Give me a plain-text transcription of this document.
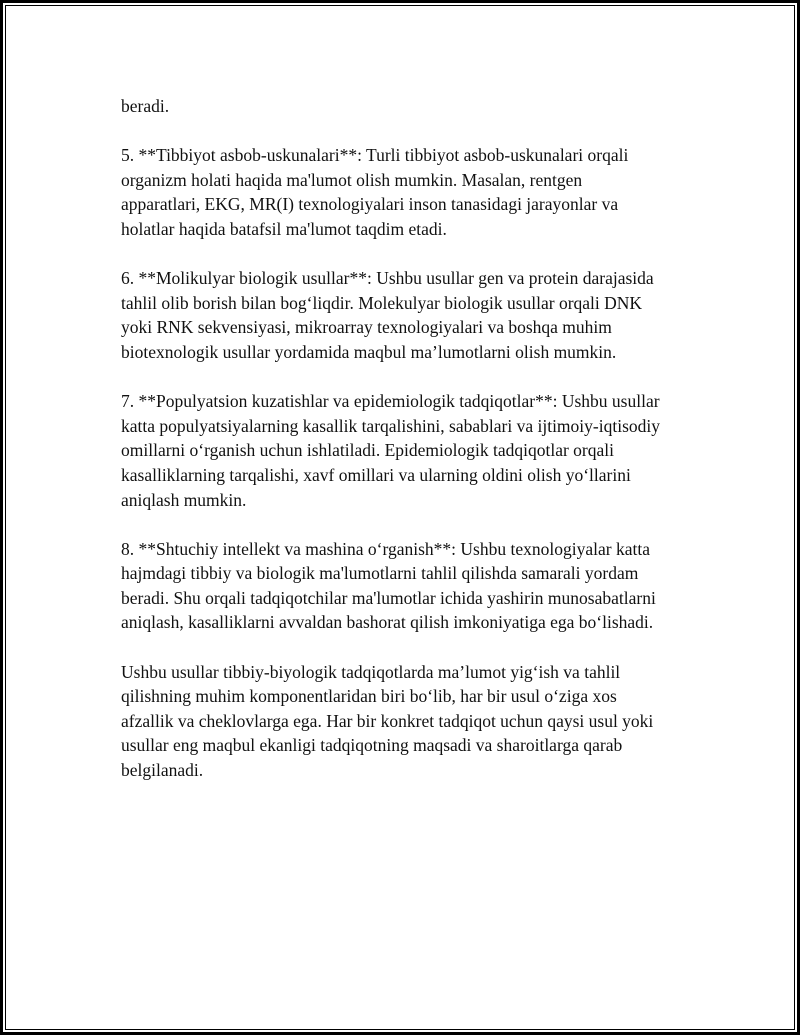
beradi.

5. **Tibbiyot asbob-uskunalari**: Turli tibbiyot asbob-uskunalari orqali
organizm holati haqida ma'lumot olish mumkin. Masalan, rentgen
apparatlari, EKG, MR(I) texnologiyalari inson tanasidagi jarayonlar va
holatlar haqida batafsil ma'lumot taqdim etadi.

6. **Molikulyar biologik usullar**: Ushbu usullar gen va protein darajasida
tahlil olib borish bilan bog‘liqdir. Molekulyar biologik usullar orqali DNK
yoki RNK sekvensiyasi, mikroarray texnologiyalari va boshqa muhim
biotexnologik usullar yordamida maqbul ma’lumotlarni olish mumkin.

7. **Populyatsion kuzatishlar va epidemiologik tadqiqotlar**: Ushbu usullar
katta populyatsiyalarning kasallik tarqalishini, sabablari va ijtimoiy-iqtisodiy
omillarni o‘rganish uchun ishlatiladi. Epidemiologik tadqiqotlar orqali
kasalliklarning tarqalishi, xavf omillari va ularning oldini olish yo‘llarini
aniqlash mumkin.

8. **Shtuchiy intellekt va mashina o‘rganish**: Ushbu texnologiyalar katta
hajmdagi tibbiy va biologik ma'lumotlarni tahlil qilishda samarali yordam
beradi. Shu orqali tadqiqotchilar ma'lumotlar ichida yashirin munosabatlarni
aniqlash, kasalliklarni avvaldan bashorat qilish imkoniyatiga ega bo‘lishadi.

Ushbu usullar tibbiy-biyologik tadqiqotlarda ma’lumot yig‘ish va tahlil
qilishning muhim komponentlaridan biri bo‘lib, har bir usul o‘ziga xos
afzallik va cheklovlarga ega. Har bir konkret tadqiqot uchun qaysi usul yoki
usullar eng maqbul ekanligi tadqiqotning maqsadi va sharoitlarga qarab
belgilanadi.
